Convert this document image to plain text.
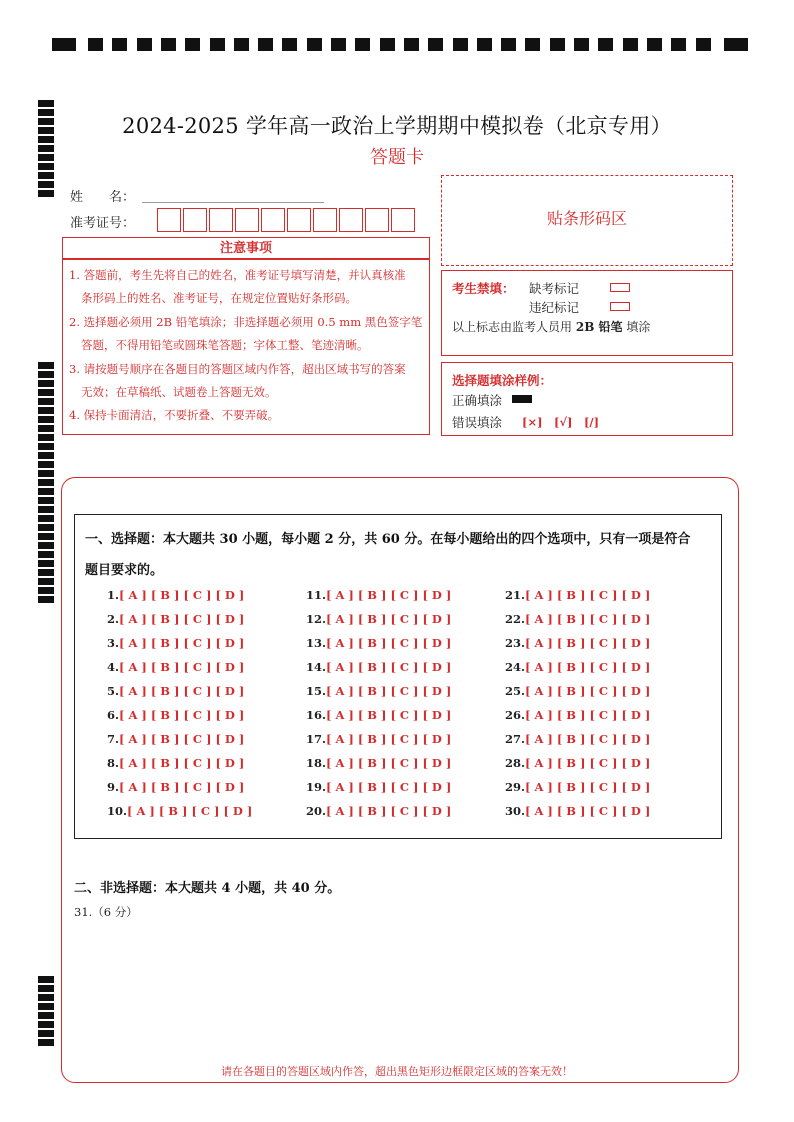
2024-2025 学年高一政治上学期期中模拟卷（北京专用）
答题卡
姓　　名：
准考证号：	贴条形码区
注意事项
1. 答题前，考生先将自己的姓名，准考证号填写清楚，并认真核准
条形码上的姓名、准考证号，在规定位置贴好条形码。
2. 选择题必须用 2B 铅笔填涂；非选择题必须用 0.5 mm 黑色签字笔
答题，不得用铅笔或圆珠笔答题；字体工整、笔迹清晰。
3. 请按题号顺序在各题目的答题区域内作答，超出区域书写的答案
无效；在草稿纸、试题卷上答题无效。
4. 保持卡面清洁，不要折叠、不要弄破。
考生禁填： 缺考标记
违纪标记
以上标志由监考人员用 2B 铅笔 填涂
选择题填涂样例：
正确填涂
错误填涂 [×]　[√]　[/]
一、选择题：本大题共 30 小题，每小题 2 分，共 60 分。在每小题给出的四个选项中，只有一项是符合
题目要求的。
1.[ A ] [ B ] [ C ] [ D ]
2.[ A ] [ B ] [ C ] [ D ]
3.[ A ] [ B ] [ C ] [ D ]
4.[ A ] [ B ] [ C ] [ D ]
5.[ A ] [ B ] [ C ] [ D ]
6.[ A ] [ B ] [ C ] [ D ]
7.[ A ] [ B ] [ C ] [ D ]
8.[ A ] [ B ] [ C ] [ D ]
9.[ A ] [ B ] [ C ] [ D ]
10.[ A ] [ B ] [ C ] [ D ]
11.[ A ] [ B ] [ C ] [ D ]
12.[ A ] [ B ] [ C ] [ D ]
13.[ A ] [ B ] [ C ] [ D ]
14.[ A ] [ B ] [ C ] [ D ]
15.[ A ] [ B ] [ C ] [ D ]
16.[ A ] [ B ] [ C ] [ D ]
17.[ A ] [ B ] [ C ] [ D ]
18.[ A ] [ B ] [ C ] [ D ]
19.[ A ] [ B ] [ C ] [ D ]
20.[ A ] [ B ] [ C ] [ D ]
21.[ A ] [ B ] [ C ] [ D ]
22.[ A ] [ B ] [ C ] [ D ]
23.[ A ] [ B ] [ C ] [ D ]
24.[ A ] [ B ] [ C ] [ D ]
25.[ A ] [ B ] [ C ] [ D ]
26.[ A ] [ B ] [ C ] [ D ]
27.[ A ] [ B ] [ C ] [ D ]
28.[ A ] [ B ] [ C ] [ D ]
29.[ A ] [ B ] [ C ] [ D ]
30.[ A ] [ B ] [ C ] [ D ]
二、非选择题：本大题共 4 小题，共 40 分。
31.（6 分）
请在各题目的答题区域内作答，超出黑色矩形边框限定区域的答案无效！
